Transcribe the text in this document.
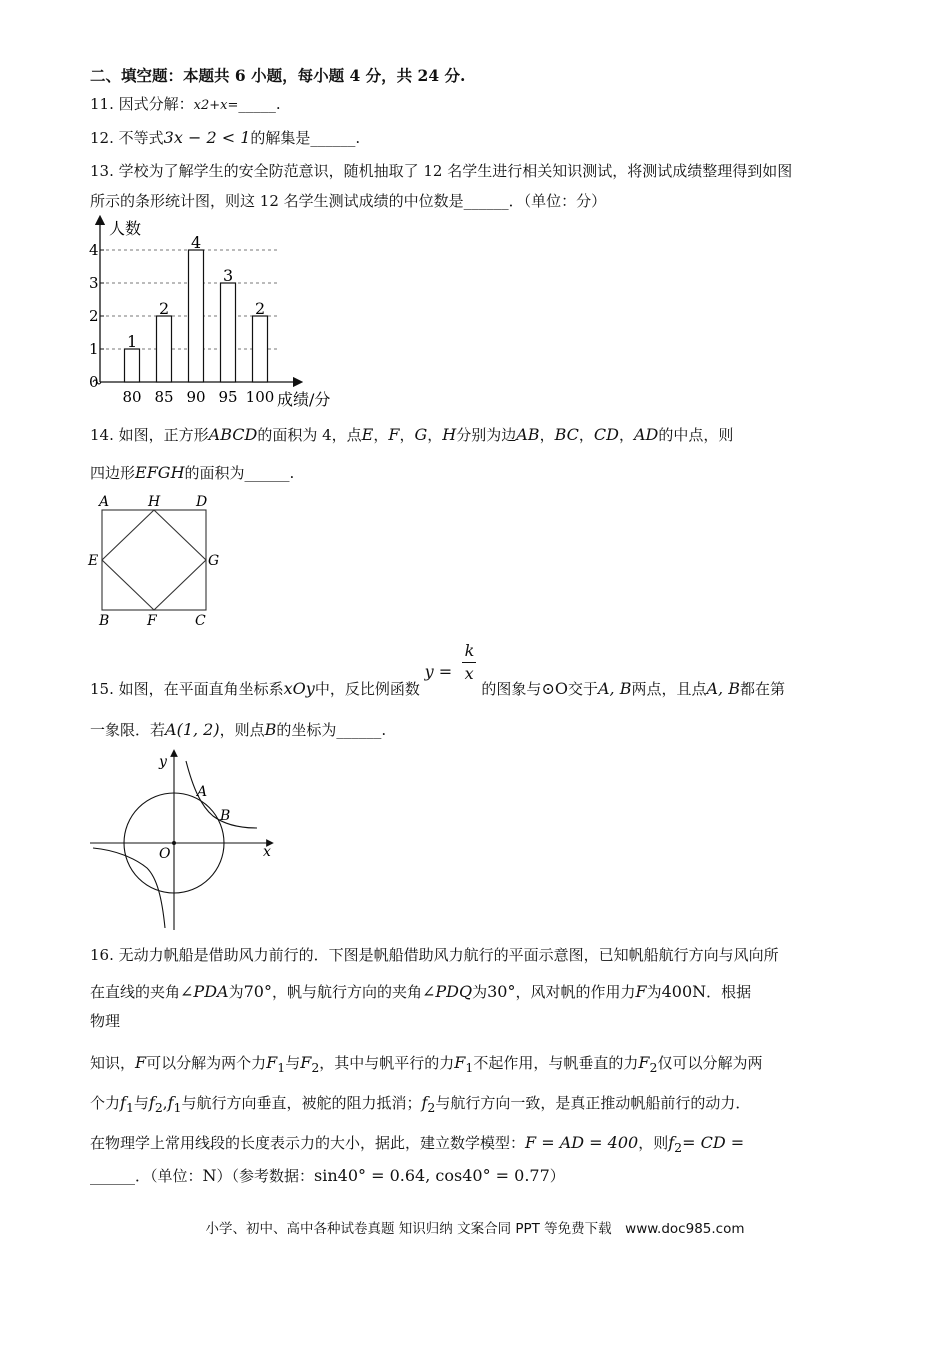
二、填空题：本题共 6 小题，每小题 4 分，共 24 分.
11. 因式分解：x2+x=_____.
12. 不等式3x − 2 < 1的解集是______.
13. 学校为了解学生的安全防范意识，随机抽取了 12 名学生进行相关知识测试，将测试成绩整理得到如图
所示的条形统计图，则这 12 名学生测试成绩的中位数是______．（单位：分）
0
1
2
3
4
1
2
4
3
2
80 85 90 95 100
人数
成绩/分
14. 如图，正方形ABCD的面积为 4，点E，F，G，H分别为边AB，BC，CD，AD的中点，则
四边形EFGH的面积为______.
A	H	D
E	G
B	F	C
15. 如图，在平面直角坐标系xOy中，反比例函数
y =
k
x
的图象与⊙O交于A, B两点，且点A, B都在第
一象限．若A(1, 2)，则点B的坐标为______.
y
x
O
A
B
16. 无动力帆船是借助风力前行的．下图是帆船借助风力航行的平面示意图，已知帆船航行方向与风向所
在直线的夹角∠PDA为70°，帆与航行方向的夹角∠PDQ为30°，风对帆的作用力F为400N．根据
物理
知识，F可以分解为两个力$F_1$与$F_2$，其中与帆平行的力$F_1$不起作用，与帆垂直的力$F_2$仅可以分解为两
个力$f_1$与$f_2,f_1$与航行方向垂直，被舵的阻力抵消；$f_2$与航行方向一致，是真正推动帆船前行的动力．
在物理学上常用线段的长度表示力的大小，据此，建立数学模型：F = AD = 400，则$f_2=$ CD =
______．（单位：N）（参考数据：sin40° = 0.64, cos40° = 0.77）
小学、初中、高中各种试卷真题 知识归纳 文案合同 PPT 等免费下载　www.doc985.com
